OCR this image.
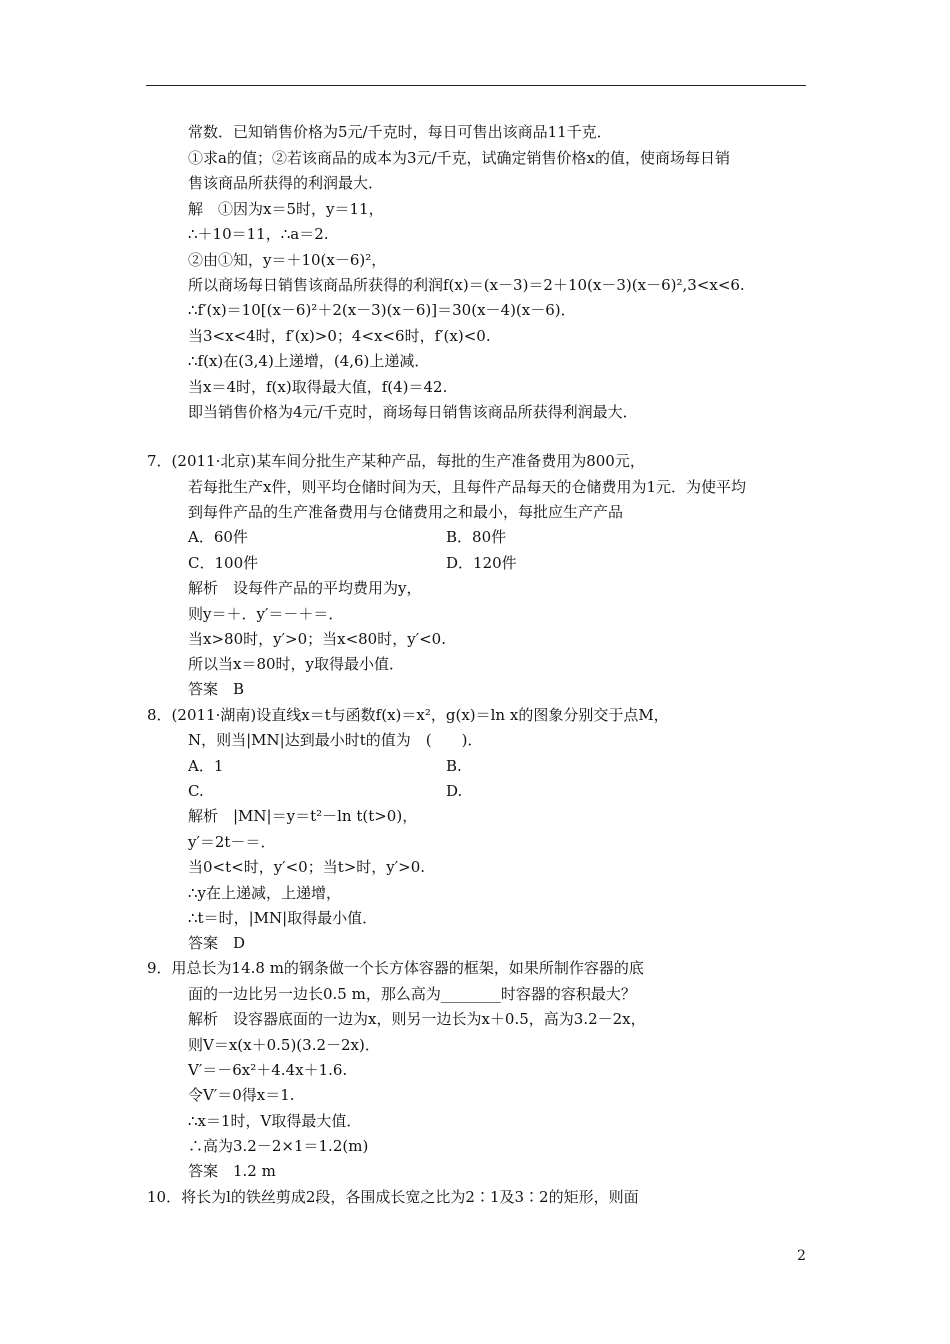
常数．已知销售价格为5元/千克时，每日可售出该商品11千克．
①求a的值；②若该商品的成本为3元/千克，试确定销售价格x的值，使商场每日销
售该商品所获得的利润最大．
解　①因为x＝5时，y＝11，
∴＋10＝11，∴a＝2.
②由①知，y＝＋10(x－6)²，
所以商场每日销售该商品所获得的利润f(x)＝(x－3)＝2＋10(x－3)(x－6)²,3<x<6.
∴f′(x)＝10[(x－6)²＋2(x－3)(x－6)]＝30(x－4)(x－6)．
当3<x<4时，f′(x)>0；4<x<6时，f′(x)<0.
∴f(x)在(3,4)上递增，(4,6)上递减．
当x＝4时，f(x)取得最大值，f(4)＝42.
即当销售价格为4元/千克时，商场每日销售该商品所获得利润最大．
7．(2011·北京)某车间分批生产某种产品，每批的生产准备费用为800元，
若每批生产x件，则平均仓储时间为天，且每件产品每天的仓储费用为1元．为使平均
到每件产品的生产准备费用与仓储费用之和最小，每批应生产产品
A．60件	B．80件
C．100件	D．120件
解析　设每件产品的平均费用为y，
则y＝＋．y′＝－＋＝．
当x>80时，y′>0；当x<80时，y′<0.
所以当x＝80时，y取得最小值．
答案　B
8．(2011·湖南)设直线x＝t与函数f(x)＝x²，g(x)＝ln x的图象分别交于点M，
N，则当|MN|达到最小时t的值为　(　　)．
A．1	B.
C.	D.
解析　|MN|＝y＝t²－ln t(t>0)，
y′＝2t－＝．
当0<t<时，y′<0；当t>时，y′>0.
∴y在上递减，上递增，
∴t＝时，|MN|取得最小值．
答案　D
9．用总长为14.8 m的钢条做一个长方体容器的框架，如果所制作容器的底
面的一边比另一边长0.5 m，那么高为________时容器的容积最大？
解析　设容器底面的一边为x，则另一边长为x＋0.5，高为3.2－2x，
则V＝x(x＋0.5)(3.2－2x)．
V′＝－6x²＋4.4x＋1.6.
令V′＝0得x＝1.
∴x＝1时，V取得最大值．
∴高为3.2－2×1＝1.2(m)
答案　1.2 m
10．将长为l的铁丝剪成2段，各围成长宽之比为2∶1及3∶2的矩形，则面
2
